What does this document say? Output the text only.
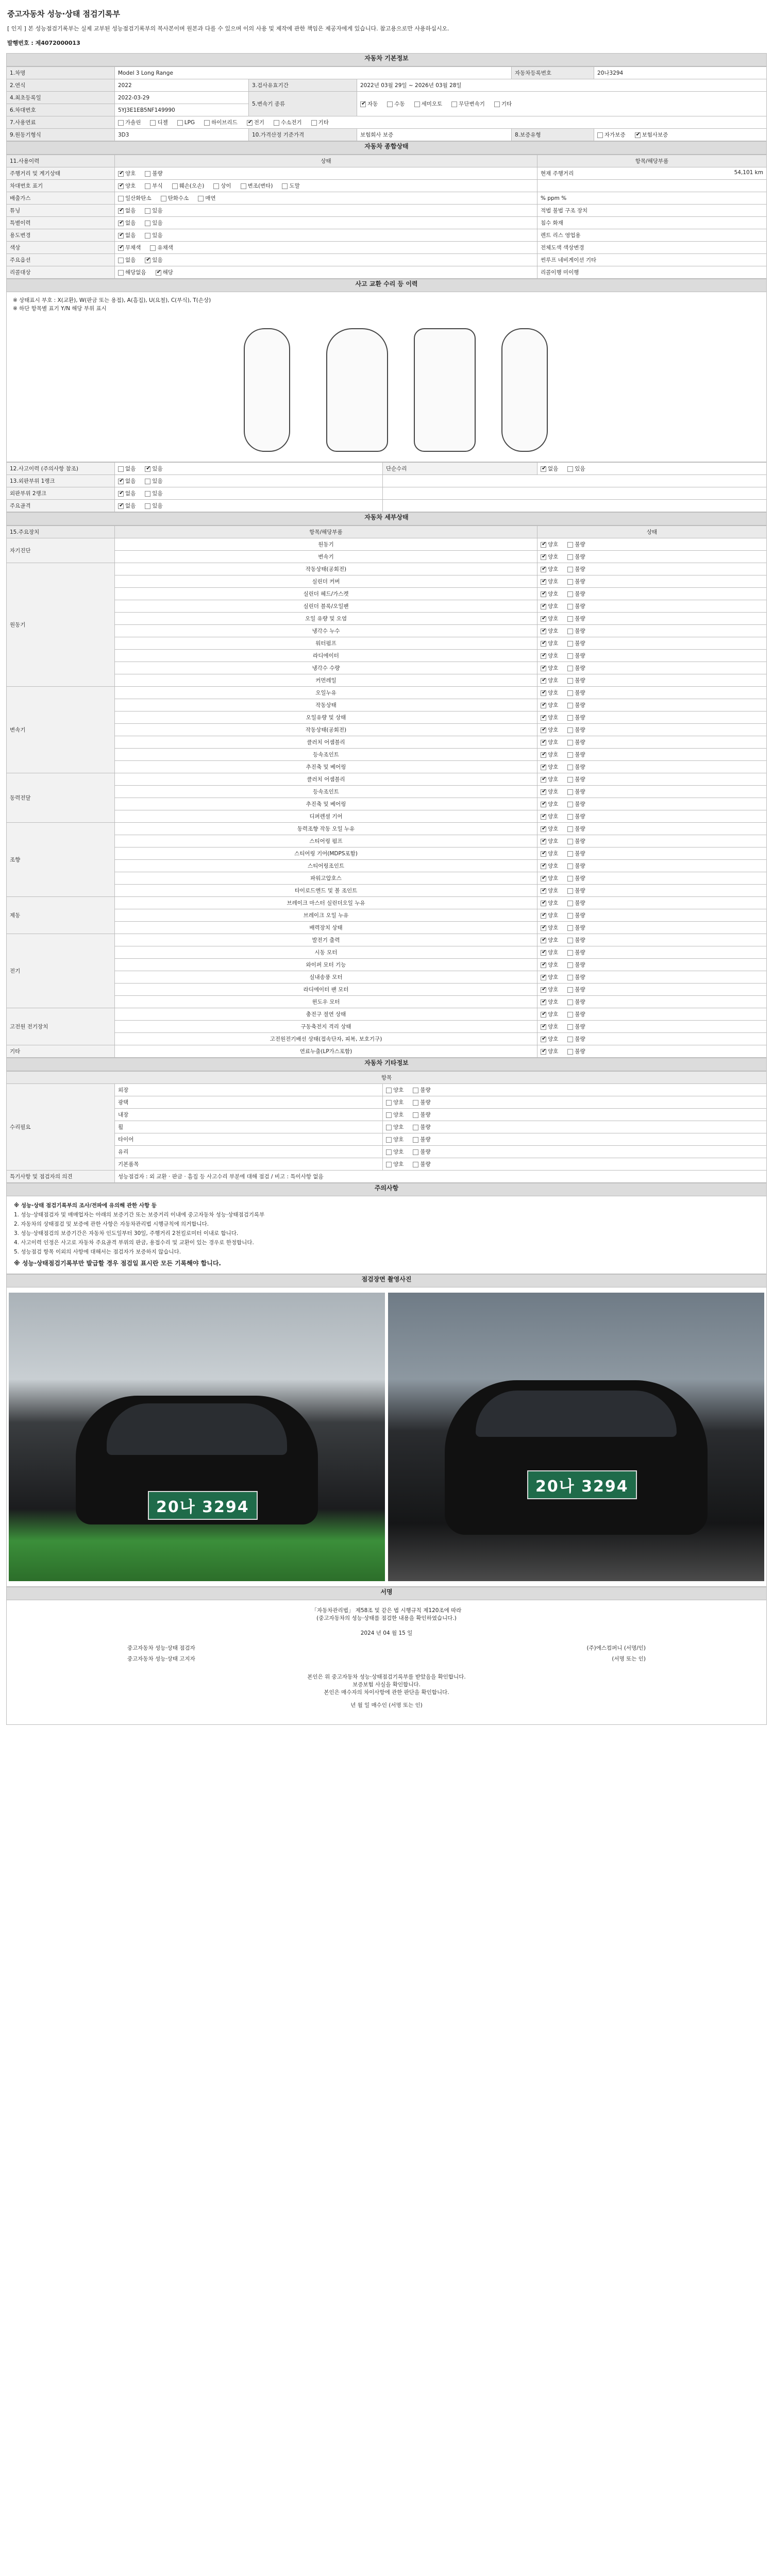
중고자동차 성능·상태 점검기록부
[ 인지 ] 본 성능점검기록부는 실제 교부된 성능점검기록부의 복사본이며 원본과 다를 수 있으며 이의 사용 및 제작에 관한 책임은 제공자에게 있습니다. 참고용으로만 사용하십시오.
발행번호 : 제4072000013
자동차 기본정보
1.차명	Model 3 Long Range			자동차등록번호	20나3294
2.연식	2022	3.검사유효기간	2022년 03월 29일 ~ 2026년 03월 28일		
4.최초등록일	2022-03-29	5.변속기 종류	✔자동 수동 세미오토 무단변속기 기타
6.차대번호	5YJ3E1EB5NF149990				
7.사용연료	가솔린 디젤 LPG 하이브리드 ✔ 전기 수소전기 기타
9.원동기형식	3D3	10.가격산정 기준가격	보험회사 보증	8.보증유형	자가보증 ✔ 보험사보증
자동차 종합상태
11.사용이력	상태	항목/해당부품
주행거리 및 계기상태	✔양호 불량	현재 주행거리 54,101 km

차대번호 표기	✔양호 부식 훼손(오손) 상이 변조(변타) 도말	
배출가스	일산화탄소 탄화수소 매연	% ppm %
튜닝	✔없음 있음	적법 불법 구조 장치
특별이력	✔없음 있음	침수 화재
용도변경	✔없음 있음	렌트 리스 영업용
색상	✔무채색 유채색	전체도색 색상변경
주요옵션	없음 ✔ 있음	썬루프 네비게이션 기타
리콜대상	해당없음 ✔ 해당	리콜이행 미이행
사고 교환 수리 등 이력
※ 상태표시 부호 : X(교환), W(판금 또는 용접), A(흠집), U(요철), C(부식), T(손상)
※ 하단 항목별 표기 Y/N 해당 부위 표시
12.사고이력 (주의사항 참조)	없음 ✔ 있음	단순수리	✔없음 있음
13.외판부위 1랭크	✔없음 있음	
외판부위 2랭크	✔없음 있음	
주요골격	✔없음 있음	
자동차 세부상태
15.주요장치	항목/해당부품	상태
자기진단	원동기	✔양호 불량
	변속기	✔양호 불량
원동기	작동상태(공회전)	✔양호 불량
	실린더 커버	✔양호 불량
	실린더 헤드/가스켓	✔양호 불량
	실린더 블록/오일팬	✔양호 불량
	오일 유량 및 오염	✔양호 불량
	냉각수 누수	✔양호 불량
	워터펌프	✔양호 불량
	라디에이터	✔양호 불량
	냉각수 수량	✔양호 불량
	커먼레일	✔양호 불량
변속기	오일누유	✔양호 불량
	작동상태	✔양호 불량
	오일유량 및 상태	✔양호 불량
	작동상태(공회전)	✔양호 불량
	클러치 어셈블리	✔양호 불량
	등속조인트	✔양호 불량
	추진축 및 베어링	✔양호 불량
동력전달	클러치 어셈블리	✔양호 불량
	등속조인트	✔양호 불량
	추진축 및 베어링	✔양호 불량
	디퍼렌셜 기어	✔양호 불량
조향	동력조향 작동 오일 누유	✔양호 불량
	스티어링 펌프	✔양호 불량
	스티어링 기어(MDPS포함)	✔양호 불량
	스티어링조인트	✔양호 불량
	파워고압호스	✔양호 불량
	타이로드엔드 및 볼 조인트	✔양호 불량
제동	브레이크 마스터 실린더오일 누유	✔양호 불량
	브레이크 오일 누유	✔양호 불량
	배력장치 상태	✔양호 불량
전기	발전기 출력	✔양호 불량
	시동 모터	✔양호 불량
	와이퍼 모터 기능	✔양호 불량
	실내송풍 모터	✔양호 불량
	라디에이터 팬 모터	✔양호 불량
	윈도우 모터	✔양호 불량
고전원 전기장치	충전구 절연 상태	✔양호 불량
	구동축전지 격리 상태	✔양호 불량
	고전원전기배선 상태(접속단자, 피복, 보호기구)	✔양호 불량
기타	연료누출(LP가스포함)	✔양호 불량
자동차 기타정보
항목		
수리필요	외장	양호 불량
	광택	양호 불량
	내장	양호 불량
	휠	양호 불량
	타이어	양호 불량
	유리	양호 불량
	기본품목	양호 불량
특기사항 및 점검자의 의견	성능점검자 : 외 교환 · 판금 · 흠집 등 사고수리 부분에 대해 점검 / 비고 : 특이사항 없음	
주의사항

※ 성능·상태 점검기록부의 조사/전파에 유의해 관한 사항 등

1. 성능·상태점검자 및 매매업자는 아래의 보증기간 또는 보증거리 이내에 중고자동차 성능·상태점검기록부

2. 자동차의 상태점검 및 보증에 관한 사항은 자동차관리법 시행규칙에 의거합니다.

3. 성능·상태점검의 보증기간은 자동차 인도일부터 30일, 주행거리 2천킬로미터 이내로 합니다.

4. 사고이력 인정은 사고로 자동차 주요골격 부위의 판금, 용접수리 및 교환이 있는 경우로 한정합니다.

5. 성능점검 항목 이외의 사항에 대해서는 점검자가 보증하지 않습니다.

※ 성능·상태점검기록부만 발급할 경우 점검일 표시란 모든 기록해야 합니다.

점검장면 촬영사진
20나 3294
20나 3294
서명
「자동차관리법」 제58조 및 같은 법 시행규칙 제120조에 따라
(중고자동차의 성능·상태를 점검한 내용을 확인하였습니다.)
2024 년 04 월 15 일
중고자동차 성능·상태 점검자	(주)에스컴퍼니 (서명/인)
중고자동차 성능·상태 고지자	(서명 또는 인)
본인은 위 중고자동차 성능·상태점검기록부를 받았음을 확인합니다.
보증보험 사실을 확인합니다.
본인은 매수자의 차이사항에 관한 판단을 확인합니다.
년 월 일 매수인 (서명 또는 인)
